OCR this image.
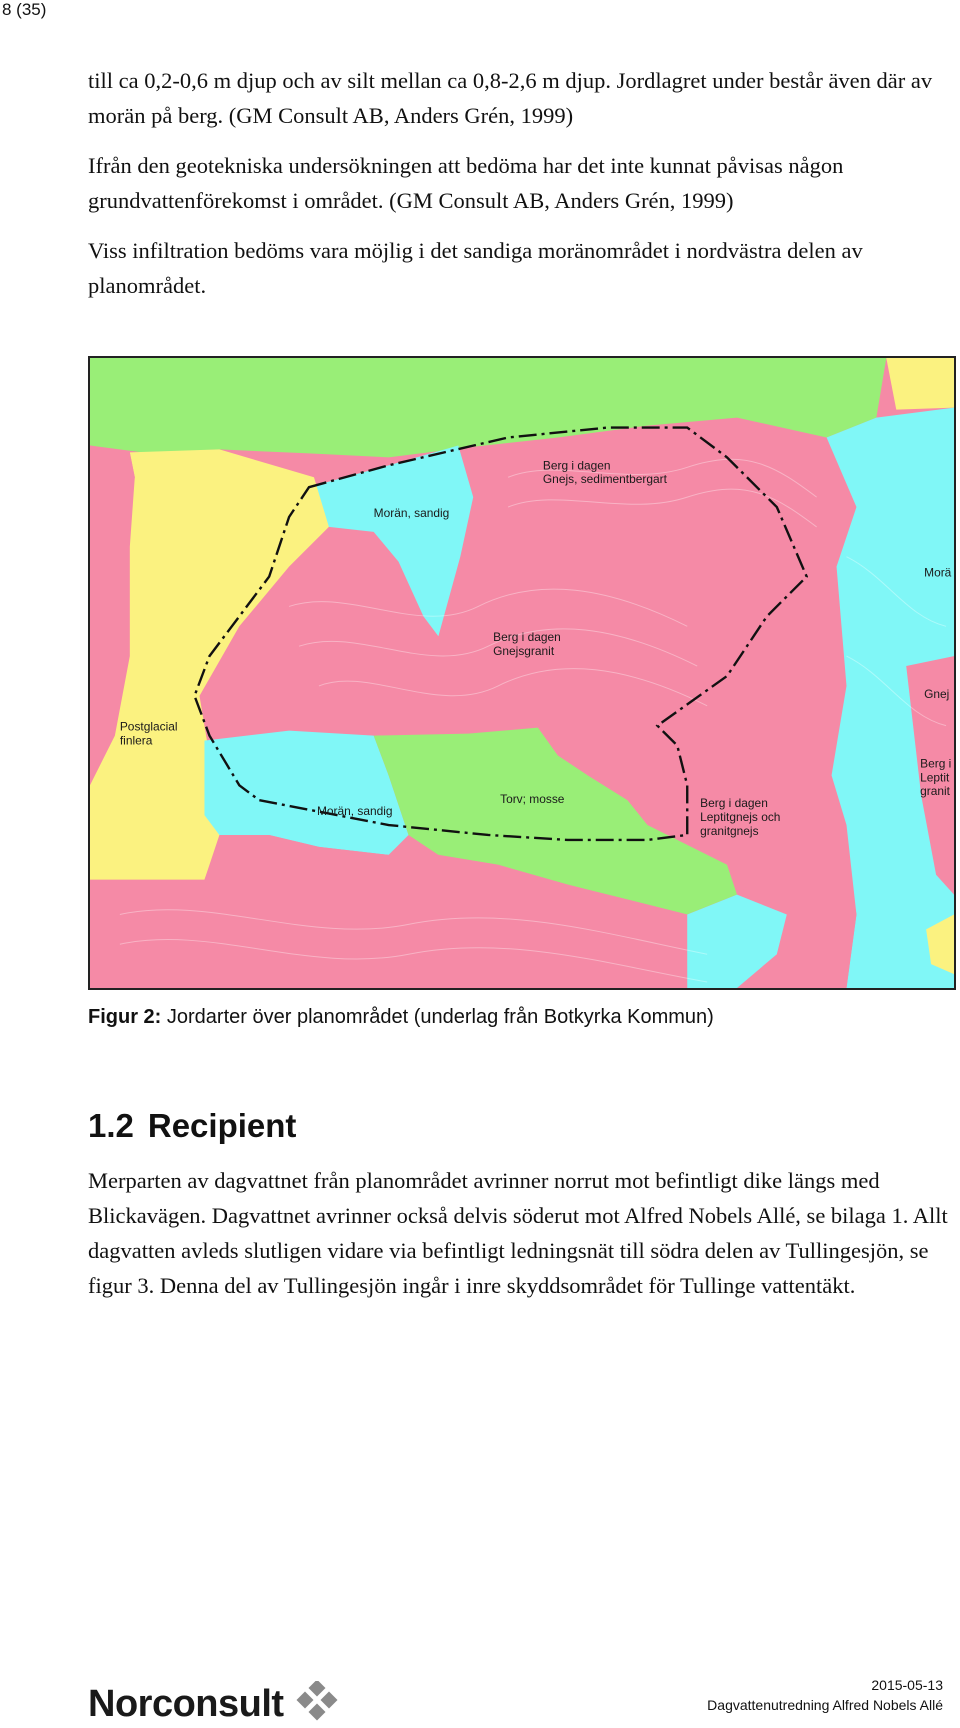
8 (35)

till ca 0,2-0,6 m djup och av silt mellan ca 0,8-2,6 m djup. Jordlagret under består även där av morän på berg. (GM Consult AB, Anders Grén, 1999)

Ifrån den geotekniska undersökningen att bedöma har det inte kunnat påvisas någon grundvattenförekomst i området. (GM Consult AB, Anders Grén, 1999)

Viss infiltration bedöms vara möjlig i det sandiga moränområdet i nordvästra delen av planområdet.

Berg i dagen
Gnejs, sedimentbergart
Morän, sandig
Berg i dagen
Gnejsgranit
Postglacial
finlera
Morän, sandig
Torv; mosse	Berg i dagen
Leptitgnejs och
granitgnejs
Morä
Gnej
Berg i
Leptit
granit
Figur 2: Jordarter över planområdet (underlag från Botkyrka Kommun)
1.2 Recipient

Merparten av dagvattnet från planområdet avrinner norrut mot befintligt dike längs med Blickavägen. Dagvattnet avrinner också delvis söderut mot Alfred Nobels Allé, se bilaga 1. Allt dagvatten avleds slutligen vidare via befintligt ledningsnät till södra delen av Tullingesjön, se figur 3. Denna del av Tullingesjön ingår i inre skyddsområdet för Tullinge vattentäkt.

Norconsult	2015-05-13
Dagvattenutredning Alfred Nobels Allé
